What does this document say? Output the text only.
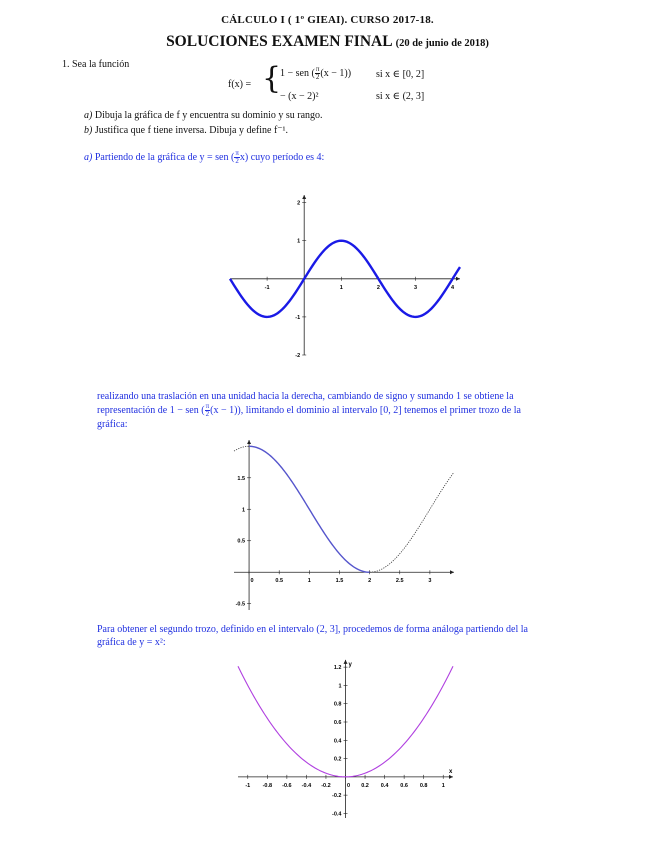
CÁLCULO I ( 1º GIEAI). CURSO 2017-18.
SOLUCIONES EXAMEN FINAL (20 de junio de 2018)
1. Sea la función
f(x) = {
1 − sen ( $\frac{\pi}{2} (x - 1)$) si x ∈ [0, 2]
− (x − 2)²	si x ∈ (2, 3]
a) Dibuja la gráfica de f y encuentra su dominio y su rango.
b) Justifica que f tiene inversa. Dibuja y define f⁻¹.
a) Partiendo de la gráfica de y = sen ( $\frac{\pi}{2} x$) cuyo período es 4:
-1	1	2	3	4
2
1
-1
-2
realizando una traslación en una unidad hacia la derecha, cambiando de signo y sumando 1 se obtiene la
representación de 1 − sen ( $\frac{\pi}{2} (x - 1)$), limitando el dominio al intervalo [0, 2] tenemos el primer trozo de la
gráfica:
0	0.5	1	1.5	2	2.5	3
1.5
1
0.5
-0.5
Para obtener el segundo trozo, definido en el intervalo (2, 3], procedemos de forma análoga partiendo del la
gráfica de y = x²:
-1 -0.8 -0.6 -0.4 -0.2	0 0.2 0.4 0.6 0.8	1
1.2
1
0.8
0.6
0.4
0.2
-0.2
-0.4
x
y
